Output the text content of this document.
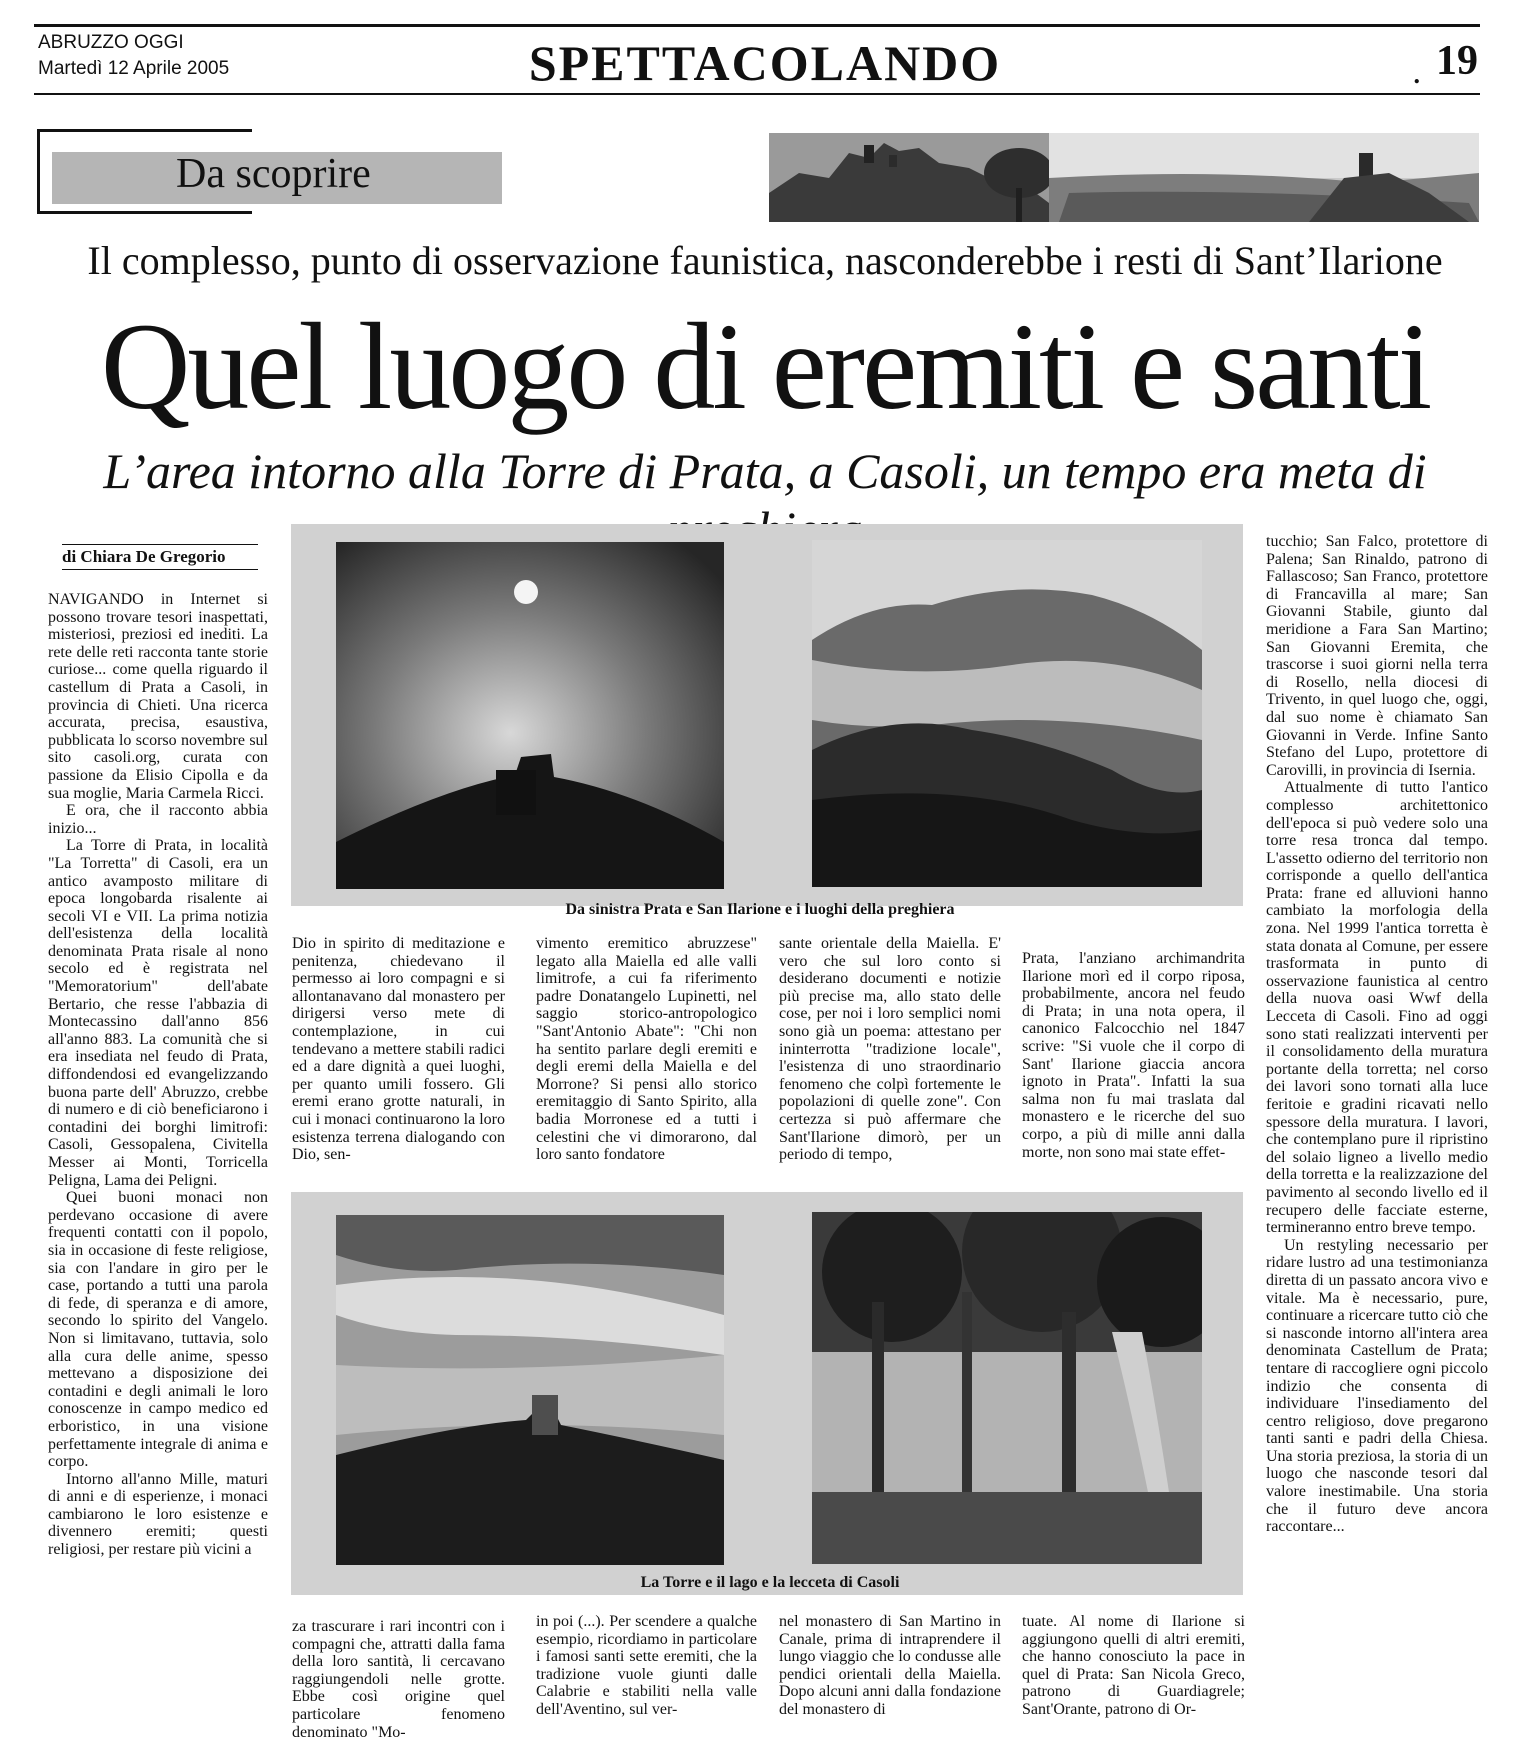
ABRUZZO OGGI
Martedì 12 Aprile 2005	SPETTACOLANDO	. 19
Da scoprire
Il complesso, punto di osservazione faunistica, nasconderebbe i resti di Sant’Ilarione
Quel luogo di eremiti e santi
L’area intorno alla Torre di Prata, a Casoli, un tempo era meta di
di Chiara De Gregorio

NAVIGANDO in Internet si possono trovare tesori inaspettati, misteriosi, preziosi ed inediti. La rete delle reti racconta tante storie curiose... come quella riguardo il castellum di Prata a Casoli, in provincia di Chieti. Una ricerca accurata, precisa, esaustiva, pubblicata lo scorso novembre sul sito casoli.org, curata con passione da Elisio Cipolla e da sua moglie, Maria Carmela Ricci.

E ora, che il racconto abbia inizio...

La Torre di Prata, in località "La Torretta" di Casoli, era un antico avamposto militare di epoca longobarda risalente ai secoli VI e VII. La prima notizia dell'esistenza della località denominata Prata risale al nono secolo ed è registrata nel "Memoratorium" dell'abate Bertario, che resse l'abbazia di Montecassino dall'anno 856 all'anno 883. La comunità che si era insediata nel feudo di Prata, diffondendosi ed evangelizzando buona parte dell' Abruzzo, crebbe di numero e di ciò beneficiarono i contadini dei borghi limitrofi: Casoli, Gessopalena, Civitella Messer ai Monti, Torricella Peligna, Lama dei Peligni.

Quei buoni monaci non perdevano occasione di avere frequenti contatti con il popolo, sia in occasione di feste religiose, sia con l'andare in giro per le case, portando a tutti una parola di fede, di speranza e di amore, secondo lo spirito del Vangelo. Non si limitavano, tuttavia, solo alla cura delle anime, spesso mettevano a disposizione dei contadini e degli animali le loro conoscenze in campo medico ed erboristico, in una visione perfettamente integrale di anima e corpo.

Intorno all'anno Mille, maturi di anni e di esperienze, i monaci cambiarono le loro esistenze e divennero eremiti; questi religiosi, per restare più vicini a

Da sinistra Prata e San Ilarione e i luoghi della preghiera

Dio in spirito di meditazione e penitenza, chiedevano il permesso ai loro compagni e si allontanavano dal monastero per dirigersi verso mete di contemplazione, in cui tendevano a mettere stabili radici ed a dare dignità a quei luoghi, per quanto umili fossero. Gli eremi erano grotte naturali, in cui i monaci continuarono la loro esistenza terrena dialogando con Dio, sen-

vimento eremitico abruzzese" legato alla Maiella ed alle valli limitrofe, a cui fa riferimento padre Donatangelo Lupinetti, nel saggio storico-antropologico "Sant'Antonio Abate": "Chi non ha sentito parlare degli eremiti e degli eremi della Maiella e del Morrone? Si pensi allo storico eremitaggio di Santo Spirito, alla badia Morronese ed a tutti i celestini che vi dimorarono, dal loro santo fondatore

sante orientale della Maiella. E' vero che sul loro conto si desiderano documenti e notizie più precise ma, allo stato delle cose, per noi i loro semplici nomi sono già un poema: attestano per ininterrotta "tradizione locale", l'esistenza di uno straordinario fenomeno che colpì fortemente le popolazioni di quelle zone". Con certezza si può affermare che Sant'Ilarione dimorò, per un periodo di tempo,

Prata, l'anziano archimandrita Ilarione morì ed il corpo riposa, probabilmente, ancora nel feudo di Prata; in una nota opera, il canonico Falcocchio nel 1847 scrive: "Si vuole che il corpo di Sant' Ilarione giaccia ancora ignoto in Prata". Infatti la sua salma non fu mai traslata dal monastero e le ricerche del suo corpo, a più di mille anni dalla morte, non sono mai state effet-

La Torre e il lago e la lecceta di Casoli

za trascurare i rari incontri con i compagni che, attratti dalla fama della loro santità, li cercavano raggiungendoli nelle grotte. Ebbe così origine quel particolare fenomeno denominato "Mo-

in poi (...). Per scendere a qualche esempio, ricordiamo in particolare i famosi santi sette eremiti, che la tradizione vuole giunti dalle Calabrie e stabiliti nella valle dell'Aventino, sul ver-

nel monastero di San Martino in Canale, prima di intraprendere il lungo viaggio che lo condusse alle pendici orientali della Maiella. Dopo alcuni anni dalla fondazione del monastero di

tuate. Al nome di Ilarione si aggiungono quelli di altri eremiti, che hanno conosciuto la pace in quel di Prata: San Nicola Greco, patrono di Guardiagrele; Sant'Orante, patrono di Or-

tucchio; San Falco, protettore di Palena; San Rinaldo, patrono di Fallascoso; San Franco, protettore di Francavilla al mare; San Giovanni Stabile, giunto dal meridione a Fara San Martino; San Giovanni Eremita, che trascorse i suoi giorni nella terra di Rosello, nella diocesi di Trivento, in quel luogo che, oggi, dal suo nome è chiamato San Giovanni in Verde. Infine Santo Stefano del Lupo, protettore di Carovilli, in provincia di Isernia.

Attualmente di tutto l'antico complesso architettonico dell'epoca si può vedere solo una torre resa tronca dal tempo. L'assetto odierno del territorio non corrisponde a quello dell'antica Prata: frane ed alluvioni hanno cambiato la morfologia della zona. Nel 1999 l'antica torretta è stata donata al Comune, per essere trasformata in punto di osservazione faunistica al centro della nuova oasi Wwf della Lecceta di Casoli. Fino ad oggi sono stati realizzati interventi per il consolidamento della muratura portante della torretta; nel corso dei lavori sono tornati alla luce feritoie e gradini ricavati nello spessore della muratura. I lavori, che contemplano pure il ripristino del solaio ligneo a livello medio della torretta e la realizzazione del pavimento al secondo livello ed il recupero delle facciate esterne, termineranno entro breve tempo.

Un restyling necessario per ridare lustro ad una testimonianza diretta di un passato ancora vivo e vitale. Ma è necessario, pure, continuare a ricercare tutto ciò che si nasconde intorno all'intera area denominata Castellum de Prata; tentare di raccogliere ogni piccolo indizio che consenta di individuare l'insediamento del centro religioso, dove pregarono tanti santi e padri della Chiesa. Una storia preziosa, la storia di un luogo che nasconde tesori dal valore inestimabile. Una storia che il futuro deve ancora raccontare...
